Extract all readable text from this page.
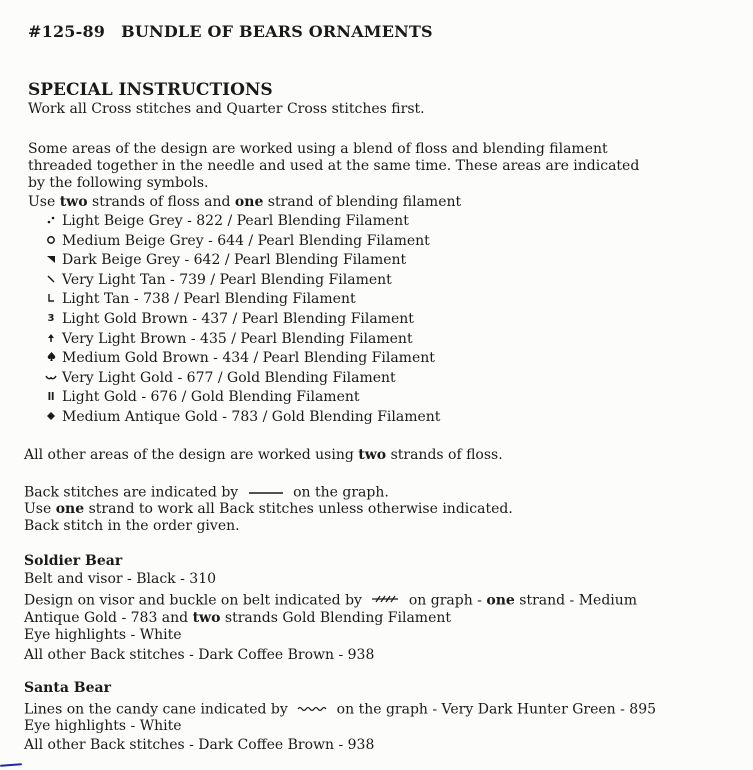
#125-89 BUNDLE OF BEARS ORNAMENTS
SPECIAL INSTRUCTIONS
Work all Cross stitches and Quarter Cross stitches first.
Some areas of the design are worked using a blend of floss and blending filament
threaded together in the needle and used at the same time. These areas are indicated
by the following symbols.
Use two strands of floss and one strand of blending filament
Light Beige Grey - 822 / Pearl Blending Filament
Medium Beige Grey - 644 / Pearl Blending Filament
Dark Beige Grey - 642 / Pearl Blending Filament
Very Light Tan - 739 / Pearl Blending Filament
Light Tan - 738 / Pearl Blending Filament
3 Light Gold Brown - 437 / Pearl Blending Filament
Very Light Brown - 435 / Pearl Blending Filament
Medium Gold Brown - 434 / Pearl Blending Filament
Very Light Gold - 677 / Gold Blending Filament
Light Gold - 676 / Gold Blending Filament
Medium Antique Gold - 783 / Gold Blending Filament
All other areas of the design are worked using two strands of floss.
Back stitches are indicated by	on the graph.
Use one strand to work all Back stitches unless otherwise indicated.
Back stitch in the order given.
Soldier Bear
Belt and visor - Black - 310
Design on visor and buckle on belt indicated by	on graph - one strand - Medium
Antique Gold - 783 and two strands Gold Blending Filament
Eye highlights - White
All other Back stitches - Dark Coffee Brown - 938
Santa Bear
Lines on the candy cane indicated by	on the graph - Very Dark Hunter Green - 895
Eye highlights - White
All other Back stitches - Dark Coffee Brown - 938
